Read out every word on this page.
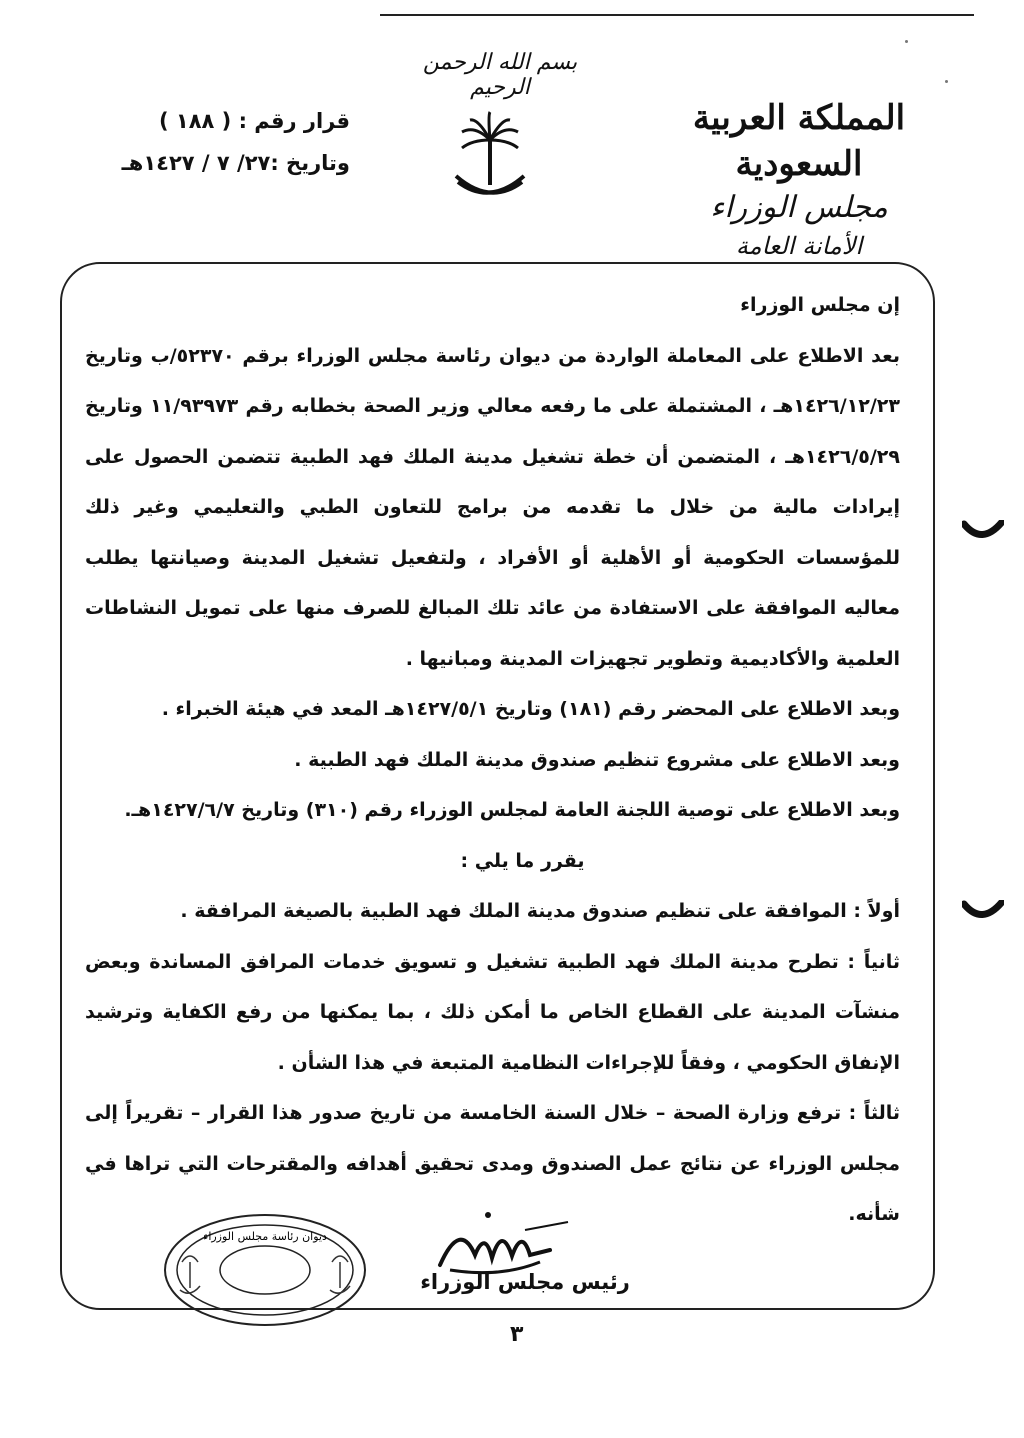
بسم الله الرحمن الرحيم
قرار رقم : ( ١٨٨ )
وتاريخ :٢٧/ ٧ / ١٤٢٧هـ
المملكة العربية السعودية
مجلس الوزراء
الأمانة العامة

إن مجلس الوزراء

بعد الاطلاع على المعاملة الواردة من ديوان رئاسة مجلس الوزراء برقم ٥٢٣٧٠/ب وتاريخ ١٤٢٦/١٢/٢٣هـ ، المشتملة على ما رفعه معالي وزير الصحة بخطابه رقم ١١/٩٣٩٧٣ وتاريخ ١٤٢٦/٥/٢٩هـ ، المتضمن أن خطة تشغيل مدينة الملك فهد الطبية تتضمن الحصول على إيرادات مالية من خلال ما تقدمه من برامج للتعاون الطبي والتعليمي وغير ذلك للمؤسسات الحكومية أو الأهلية أو الأفراد ، ولتفعيل تشغيل المدينة وصيانتها يطلب معاليه الموافقة على الاستفادة من عائد تلك المبالغ للصرف منها على تمويل النشاطات العلمية والأكاديمية وتطوير تجهيزات المدينة ومبانيها .

وبعد الاطلاع على المحضر رقم (١٨١) وتاريخ ١٤٢٧/٥/١هـ المعد في هيئة الخبراء .

وبعد الاطلاع على مشروع تنظيم صندوق مدينة الملك فهد الطبية .

وبعد الاطلاع على توصية اللجنة العامة لمجلس الوزراء رقم (٣١٠) وتاريخ ١٤٢٧/٦/٧هـ.

يقرر ما يلي :

أولاً : الموافقة على تنظيم صندوق مدينة الملك فهد الطبية بالصيغة المرافقة .

ثانياً : تطرح مدينة الملك فهد الطبية تشغيل و تسويق خدمات المرافق المساندة وبعض منشآت المدينة على القطاع الخاص ما أمكن ذلك ، بما يمكنها من رفع الكفاية وترشيد الإنفاق الحكومي ، وفقاً للإجراءات النظامية المتبعة في هذا الشأن .

ثالثاً : ترفع وزارة الصحة – خلال السنة الخامسة من تاريخ صدور هذا القرار – تقريراً إلى مجلس الوزراء عن نتائج عمل الصندوق ومدى تحقيق أهدافه والمقترحات التي تراها في شأنه.

ديوان رئاسة مجلس الوزراء
رئيس مجلس الوزراء
٣
